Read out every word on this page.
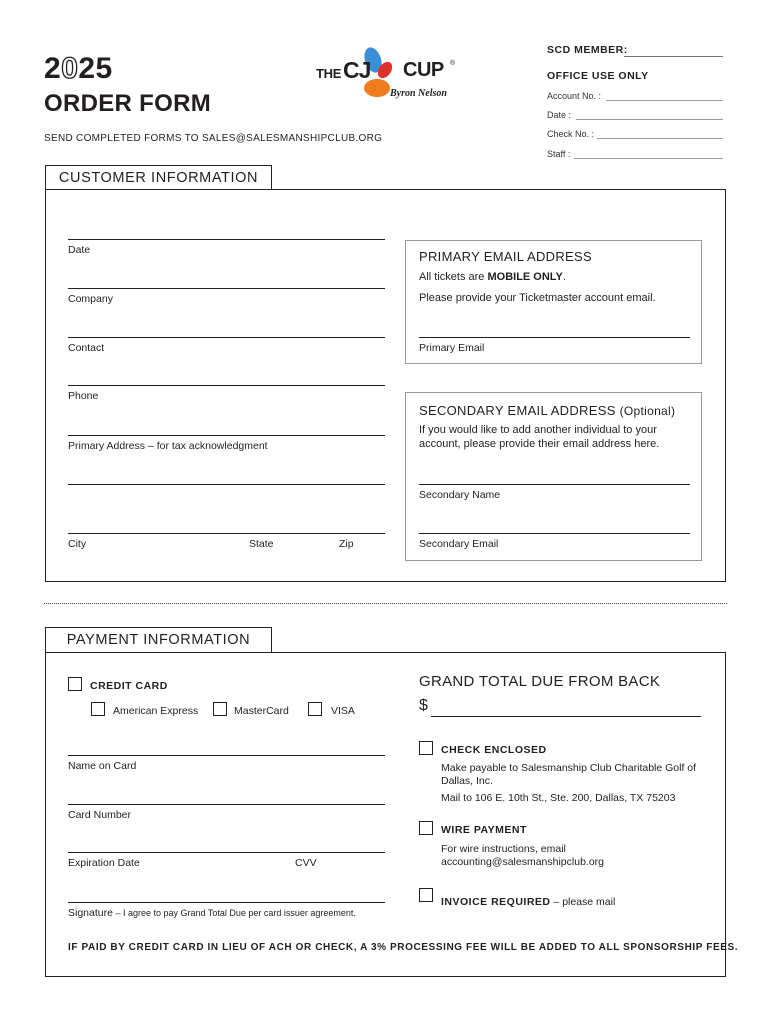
2025
ORDER FORM
SEND COMPLETED FORMS TO SALES@SALESMANSHIPCLUB.ORG
THE CJ CUP ®
Byron Nelson
SCD MEMBER:
OFFICE USE ONLY
Account No. :
Date :
Check No. :
Staff :
CUSTOMER INFORMATION
Date
Company
Contact
Phone
Primary Address – for tax acknowledgment
City	State	Zip
PRIMARY EMAIL ADDRESS
All tickets are MOBILE ONLY.
Please provide your Ticketmaster account email.
Primary Email
SECONDARY EMAIL ADDRESS (Optional)
If you would like to add another individual to your
account, please provide their email address here.
Secondary Name
Secondary Email
PAYMENT INFORMATION
CREDIT CARD
American Express	MasterCard	VISA
Name on Card
Card Number
Expiration Date	CVV
Signature – I agree to pay Grand Total Due per card issuer agreement.
GRAND TOTAL DUE FROM BACK
$
CHECK ENCLOSED
Make payable to Salesmanship Club Charitable Golf of
Dallas, Inc.
Mail to 106 E. 10th St., Ste. 200, Dallas, TX 75203
WIRE PAYMENT
For wire instructions, email
accounting@salesmanshipclub.org
INVOICE REQUIRED – please mail
IF PAID BY CREDIT CARD IN LIEU OF ACH OR CHECK, A 3% PROCESSING FEE WILL BE ADDED TO ALL SPONSORSHIP FEES.
